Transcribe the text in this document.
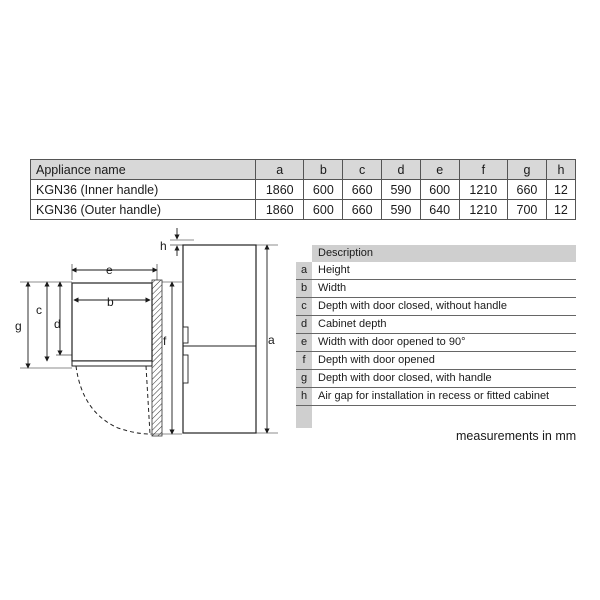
Appliance name	a	b	c	d	e	f	g	h
KGN36 (Inner handle)	1860	600	660	590	600	1210	660	12
KGN36 (Outer handle)	1860	600	660	590	640	1210	700	12
e
b
g
c
d
f
h
a
Description
a Height
b Width
c	Depth with door closed, without handle
d Cabinet depth
e Width with door opened to 90°
f	Depth with door opened
g Depth with door closed, with handle
h Air gap for installation in recess or fitted cabinet
measurements in mm
